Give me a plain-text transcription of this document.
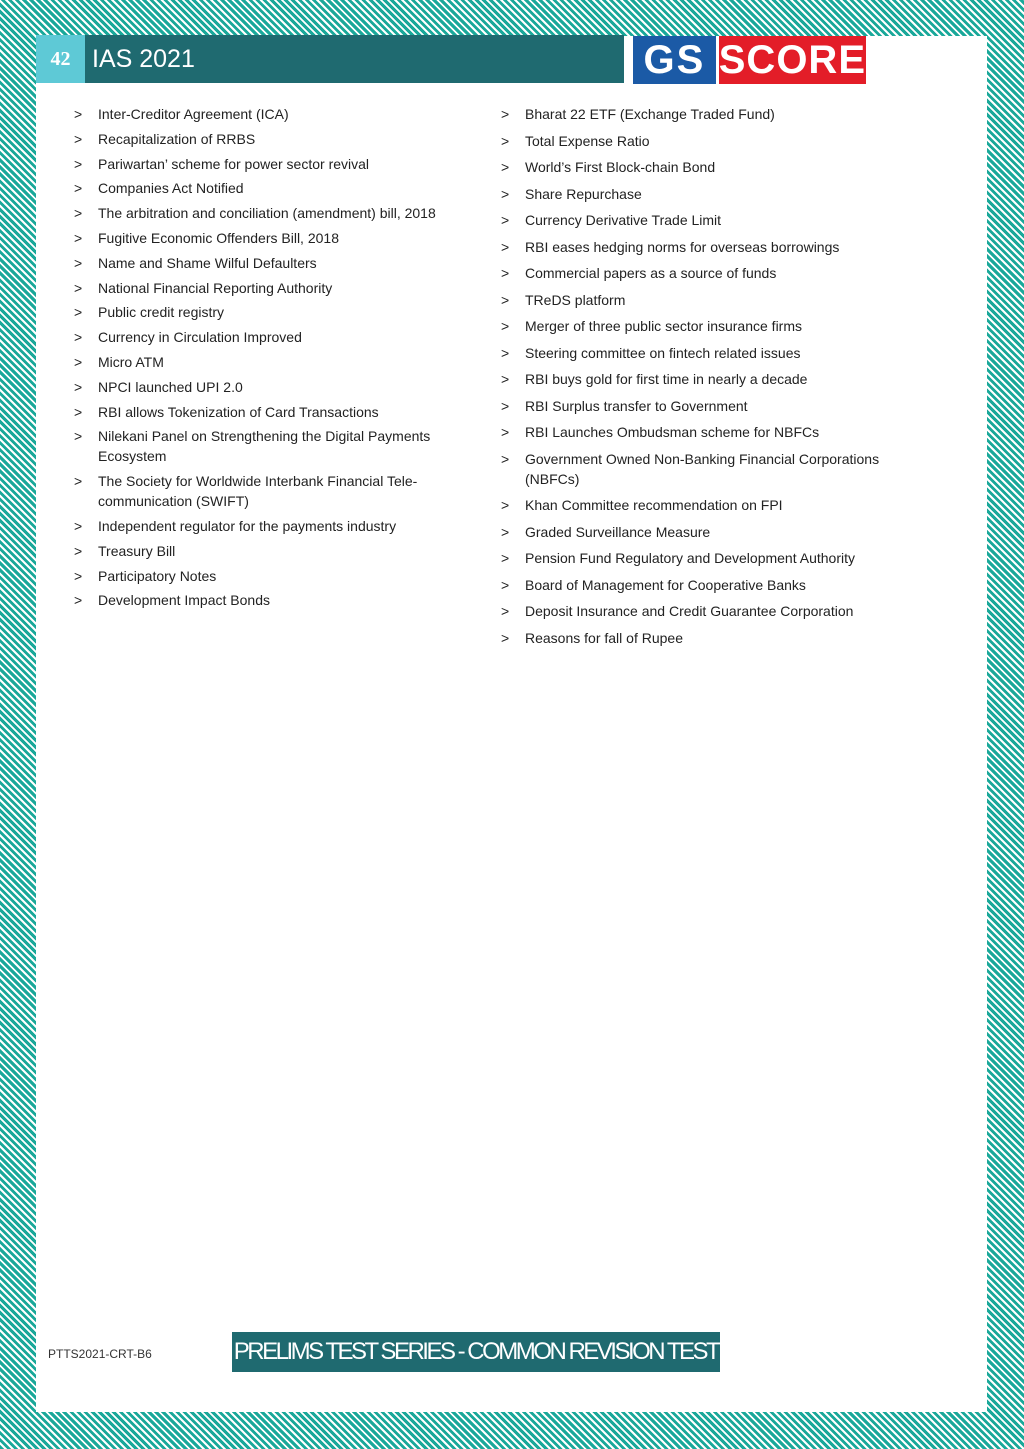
42 IAS 2021	GS SCORE
> Inter-Creditor Agreement (ICA)
> Recapitalization of RRBS
> Pariwartan’ scheme for power sector revival
> Companies Act Notified
> The arbitration and conciliation (amendment) bill, 2018
> Fugitive Economic Offenders Bill, 2018
> Name and Shame Wilful Defaulters
> National Financial Reporting Authority
> Public credit registry
> Currency in Circulation Improved
> Micro ATM
> NPCI launched UPI 2.0
> RBI allows Tokenization of Card Transactions
> Nilekani Panel on Strengthening the Digital Payments Ecosystem
> The Society for Worldwide Interbank Financial Tele-communication (SWIFT)
> Independent regulator for the payments industry
> Treasury Bill
> Participatory Notes
> Development Impact Bonds
> Bharat 22 ETF (Exchange Traded Fund)
> Total Expense Ratio
> World’s First Block-chain Bond
> Share Repurchase
> Currency Derivative Trade Limit
> RBI eases hedging norms for overseas borrowings
> Commercial papers as a source of funds
> TReDS platform
> Merger of three public sector insurance firms
> Steering committee on fintech related issues
> RBI buys gold for first time in nearly a decade
> RBI Surplus transfer to Government
> RBI Launches Ombudsman scheme for NBFCs
> Government Owned Non-Banking Financial Corporations (NBFCs)
> Khan Committee recommendation on FPI
> Graded Surveillance Measure
> Pension Fund Regulatory and Development Authority
> Board of Management for Cooperative Banks
> Deposit Insurance and Credit Guarantee Corporation
> Reasons for fall of Rupee
PTTS2021-CRT-B6	PRELIMS TEST SERIES - COMMON REVISION TEST
